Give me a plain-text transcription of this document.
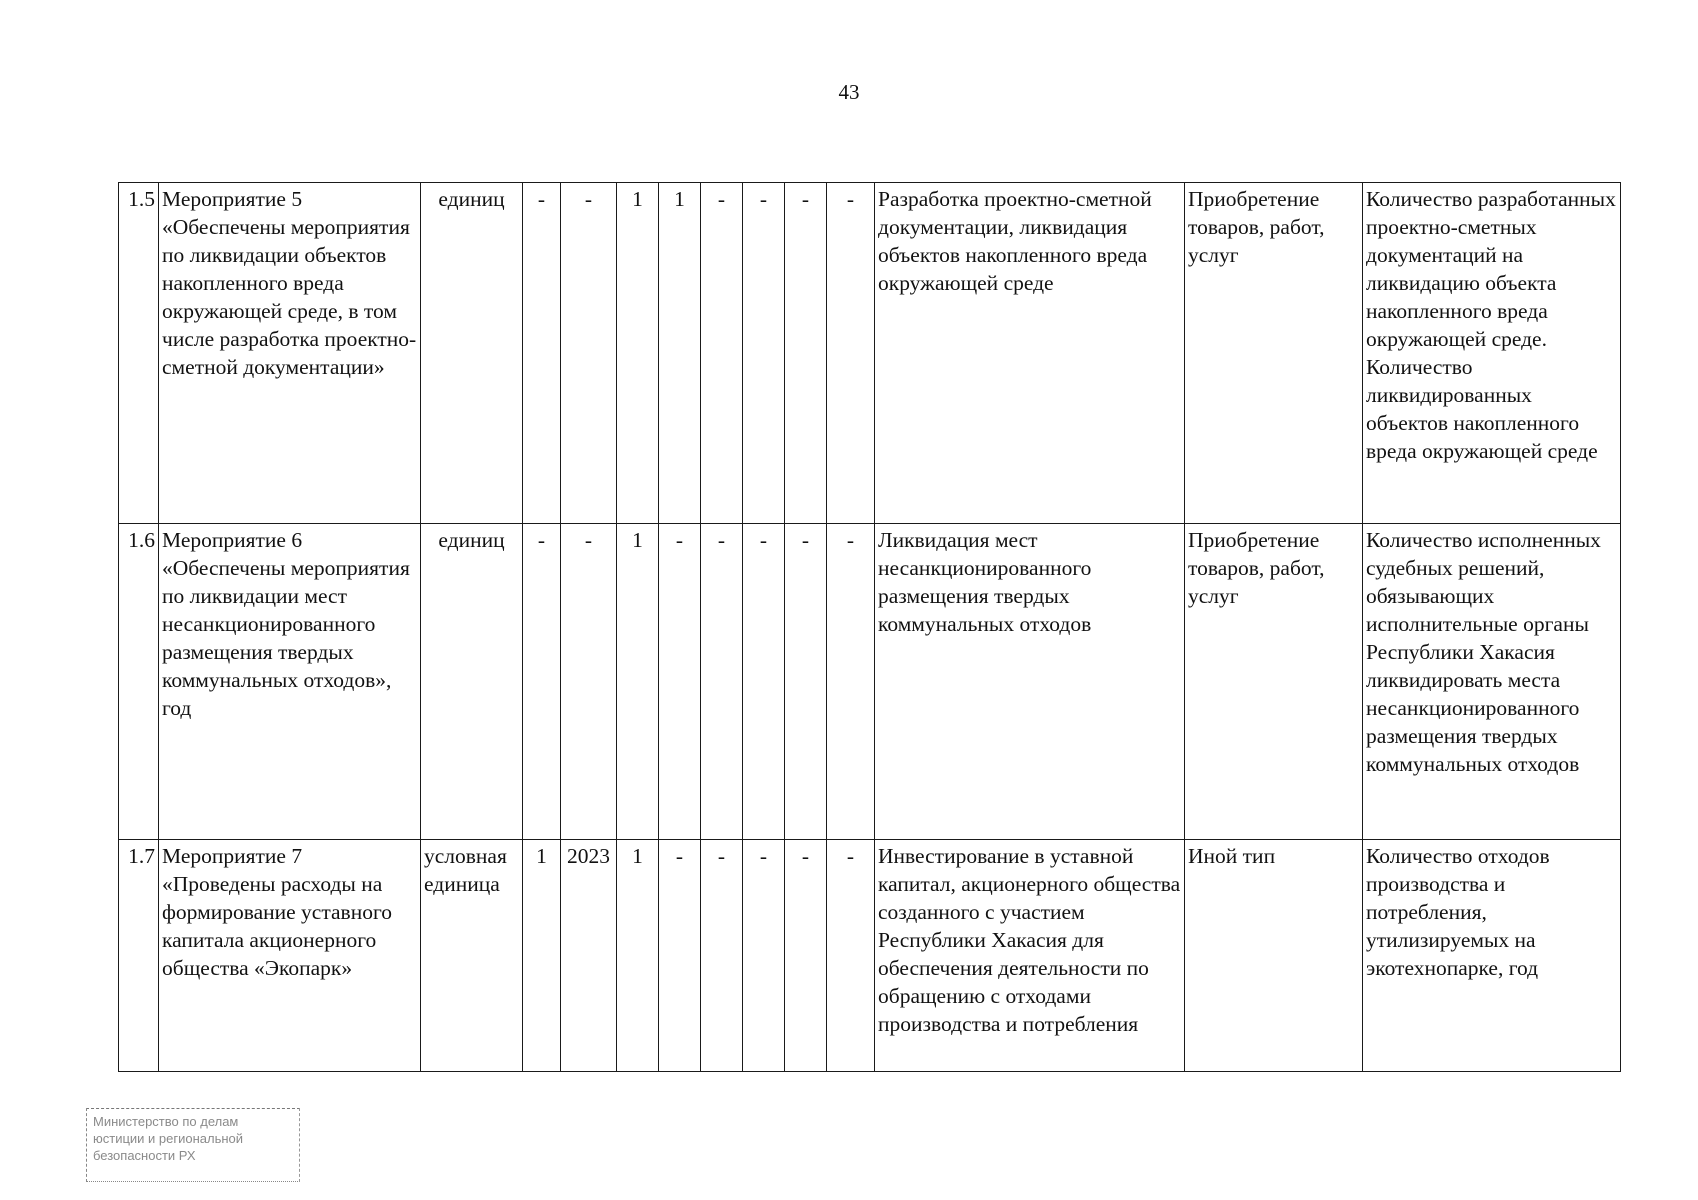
43
1.5	Мероприятие 5 «Обеспечены мероприятия по ликвидации объектов накопленного вреда окружающей среде, в том числе разработка проектно-сметной документации»	единиц	-	-	1	1	-	-	-	-	Разработка проектно-сметной документации, ликвидация объектов накопленного вреда окружающей среде	Приобретение товаров, работ, услуг	Количество разработанных проектно-сметных документаций на ликвидацию объекта накопленного вреда окружающей среде. Количество ликвидированных объектов накопленного вреда окружающей среде
1.6	Мероприятие 6 «Обеспечены мероприятия по ликвидации мест несанкционированного размещения твердых коммунальных отходов», год	единиц	-	-	1	-	-	-	-	-	Ликвидация мест несанкционированного размещения твердых коммунальных отходов	Приобретение товаров, работ, услуг	Количество исполненных судебных решений, обязывающих исполнительные органы Республики Хакасия ликвидировать места несанкционированного размещения твердых коммунальных отходов
1.7	Мероприятие 7 «Проведены расходы на формирование уставного капитала акционерного общества «Экопарк»	условная единица	1	2023	1	-	-	-	-	-	Инвестирование в уставной капитал, акционерного общества созданного с участием Республики Хакасия для обеспечения деятельности по обращению с отходами производства и потребления	Иной тип	Количество отходов производства и потребления, утилизируемых на экотехнопарке, год
Министерство по делам
юстиции и региональной
безопасности РХ
